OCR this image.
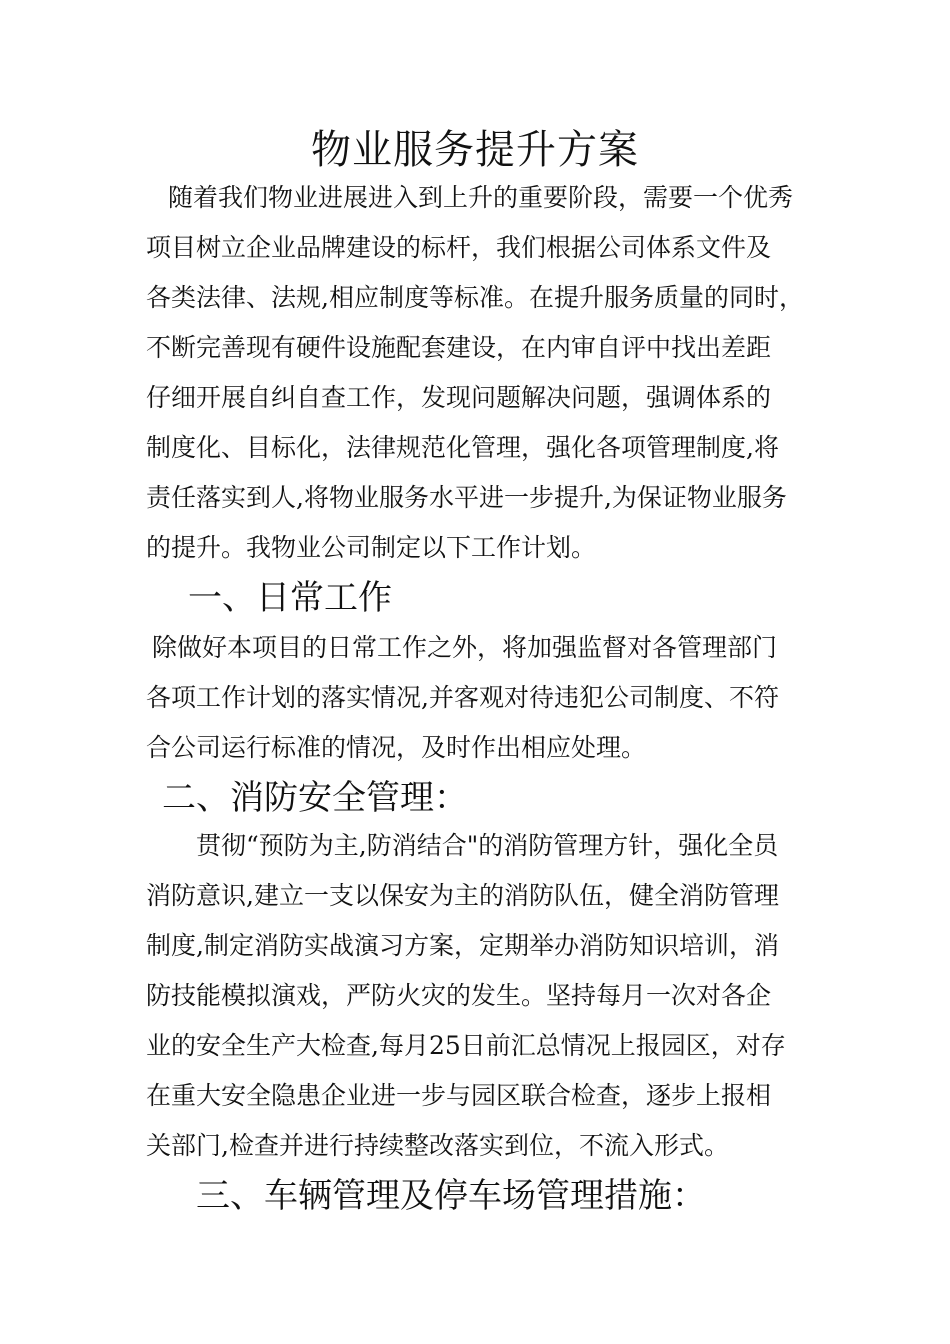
物业服务提升方案

随着我们物业进展进入到上升的重要阶段，需要一个优秀

项目树立企业品牌建设的标杆，我们根据公司体系文件及

各类法律、法规,相应制度等标准。在提升服务质量的同时，

不断完善现有硬件设施配套建设，在内审自评中找出差距

仔细开展自纠自查工作，发现问题解决问题，强调体系的

制度化、目标化，法律规范化管理，强化各项管理制度,将

责任落实到人,将物业服务水平进一步提升,为保证物业服务

的提升。我物业公司制定以下工作计划。

一、日常工作

除做好本项目的日常工作之外，将加强监督对各管理部门

各项工作计划的落实情况,并客观对待违犯公司制度、不符

合公司运行标准的情况，及时作出相应处理。

二、消防安全管理：

贯彻“预防为主,防消结合"的消防管理方针，强化全员

消防意识,建立一支以保安为主的消防队伍，健全消防管理

制度,制定消防实战演习方案，定期举办消防知识培训，消

防技能模拟演戏，严防火灾的发生。坚持每月一次对各企

业的安全生产大检查,每月25日前汇总情况上报园区，对存

在重大安全隐患企业进一步与园区联合检查，逐步上报相

关部门,检查并进行持续整改落实到位，不流入形式。

三、车辆管理及停车场管理措施：
